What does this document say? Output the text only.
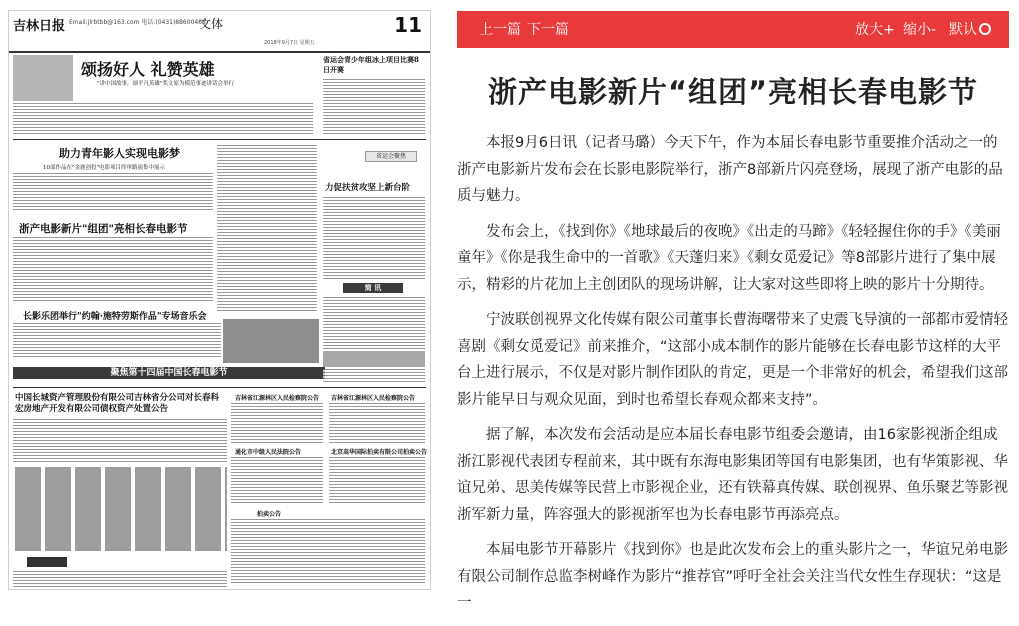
吉林日报 Email:jlrbtbb@163.com 电话:(0431)88600468
文体
2018年9月7日 星期五
11
颂扬好人 礼赞英雄
"讲中国故事，颂平凡英雄"奖文原为模范事迹讲话会举行
省运会青少年组冰上项目比赛8日开赛
助力青年影人实现电影梦
10部作品在"金鹿创投"电影项目终审路演集中展示
浙产电影新片"组团"亮相长春电影节
省运会聚焦
力促扶贫攻坚上新台阶
简 讯
长影乐团举行"约翰·施特劳斯作品"专场音乐会
聚焦第十四届中国长春电影节
中国长城资产管理股份有限公司吉林省分公司对长春科宏房地产开发有限公司债权资产处置公告
吉林省江源林区人民检察院公告 吉林省江源林区人民检察院公告
通化市中级人民法院公告	北京高华国际拍卖有限公司拍卖公告
拍卖公告
上一篇 下一篇	放大+ 缩小- 默认
浙产电影新片“组团”亮相长春电影节

本报9月6日讯（记者马璐）今天下午，作为本届长春电影节重要推介活动之一的浙产电影新片发布会在长影电影院举行，浙产8部新片闪亮登场，展现了浙产电影的品质与魅力。

发布会上，《找到你》《地球最后的夜晚》《出走的马蹄》《轻轻握住你的手》《美丽童年》《你是我生命中的一首歌》《天蓬归来》《剩女觅爱记》等8部影片进行了集中展示，精彩的片花加上主创团队的现场讲解，让大家对这些即将上映的影片十分期待。

宁波联创视界文化传媒有限公司董事长曹海曙带来了史震飞导演的一部都市爱情轻喜剧《剩女觅爱记》前来推介，“这部小成本制作的影片能够在长春电影节这样的大平台上进行展示，不仅是对影片制作团队的肯定，更是一个非常好的机会，希望我们这部影片能早日与观众见面，到时也希望长春观众都来支持”。

据了解，本次发布会活动是应本届长春电影节组委会邀请，由16家影视浙企组成浙江影视代表团专程前来，其中既有东海电影集团等国有电影集团，也有华策影视、华谊兄弟、思美传媒等民营上市影视企业，还有铁幕真传媒、联创视界、鱼乐聚艺等影视浙军新力量，阵容强大的影视浙军也为长春电影节再添亮点。

本届电影节开幕影片《找到你》也是此次发布会上的重头影片之一，华谊兄弟电影有限公司制作总监李树峰作为影片“推荐官”呼吁全社会关注当代女性生存现状：“这是一
